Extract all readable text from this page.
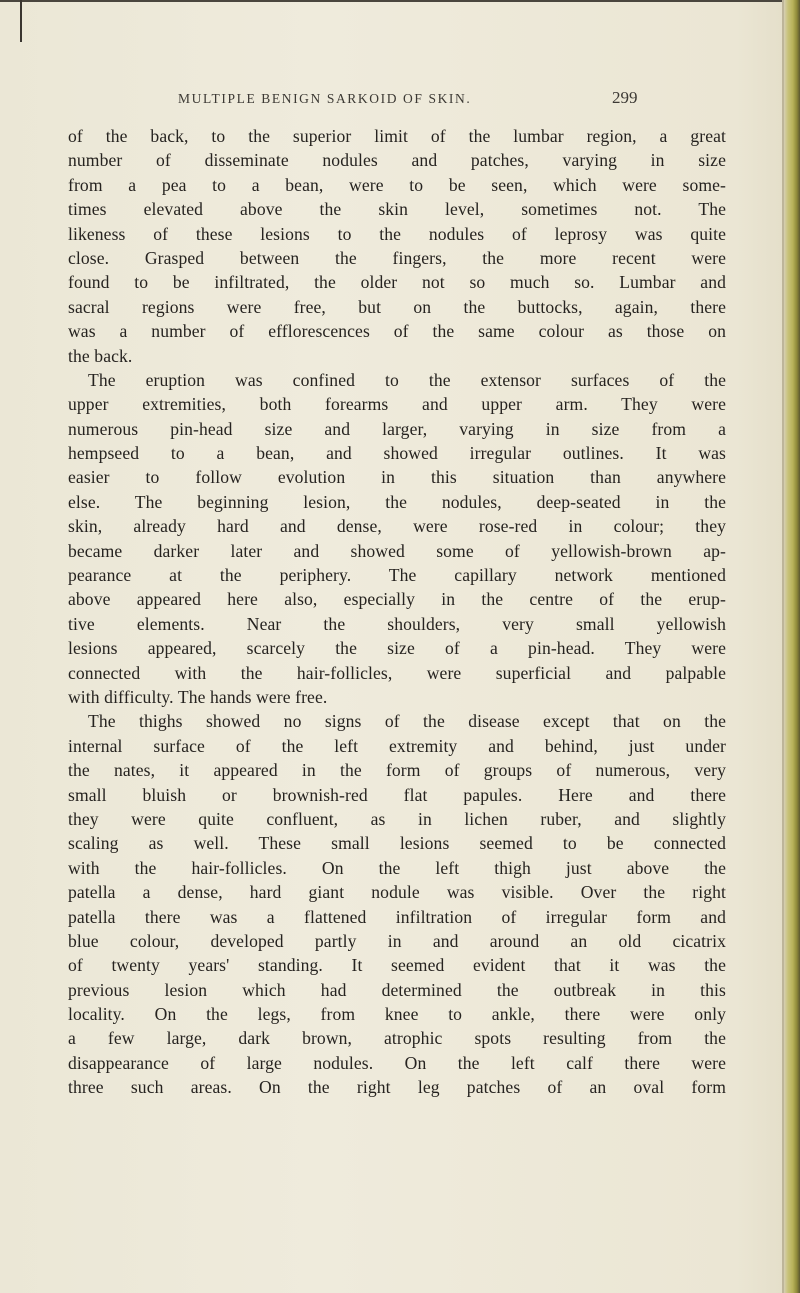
MULTIPLE BENIGN SARKOID OF SKIN.	299
of the back, to the superior limit of the lumbar region, a great
number of disseminate nodules and patches, varying in size
from a pea to a bean, were to be seen, which were some-
times elevated above the skin level, sometimes not. The
likeness of these lesions to the nodules of leprosy was quite
close. Grasped between the fingers, the more recent were
found to be infiltrated, the older not so much so. Lumbar and
sacral regions were free, but on the buttocks, again, there
was a number of efflorescences of the same colour as those on
the back.
The eruption was confined to the extensor surfaces of the
upper extremities, both forearms and upper arm. They were
numerous pin-head size and larger, varying in size from a
hempseed to a bean, and showed irregular outlines. It was
easier to follow evolution in this situation than anywhere
else. The beginning lesion, the nodules, deep-seated in the
skin, already hard and dense, were rose-red in colour; they
became darker later and showed some of yellowish-brown ap-
pearance at the periphery. The capillary network mentioned
above appeared here also, especially in the centre of the erup-
tive elements. Near the shoulders, very small yellowish
lesions appeared, scarcely the size of a pin-head. They were
connected with the hair-follicles, were superficial and palpable
with difficulty. The hands were free.
The thighs showed no signs of the disease except that on the
internal surface of the left extremity and behind, just under
the nates, it appeared in the form of groups of numerous, very
small bluish or brownish-red flat papules. Here and there
they were quite confluent, as in lichen ruber, and slightly
scaling as well. These small lesions seemed to be connected
with the hair-follicles. On the left thigh just above the
patella a dense, hard giant nodule was visible. Over the right
patella there was a flattened infiltration of irregular form and
blue colour, developed partly in and around an old cicatrix
of twenty years' standing. It seemed evident that it was the
previous lesion which had determined the outbreak in this
locality. On the legs, from knee to ankle, there were only
a few large, dark brown, atrophic spots resulting from the
disappearance of large nodules. On the left calf there were
three such areas. On the right leg patches of an oval form
